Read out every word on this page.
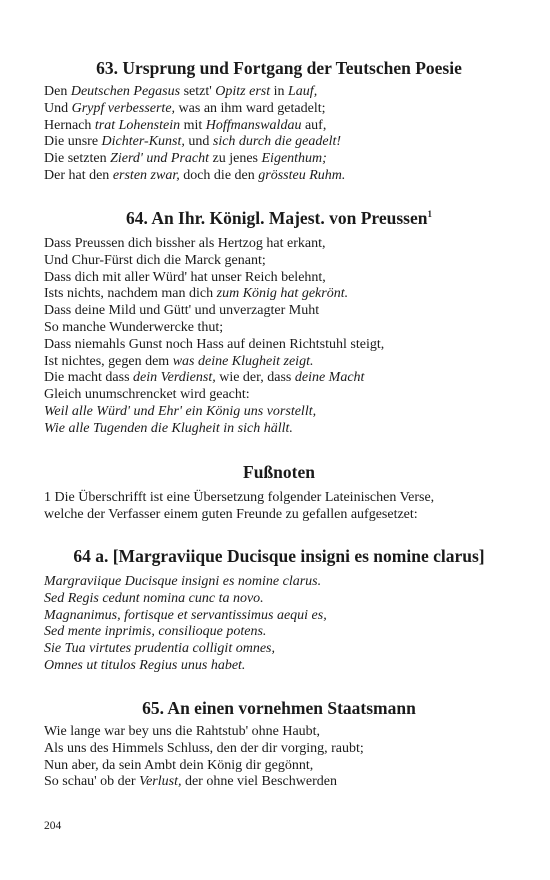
63. Ursprung und Fortgang der Teutschen Poesie
Den Deutschen Pegasus setzt' Opitz erst in Lauf,
Und Grypf verbesserte, was an ihm ward getadelt;
Hernach trat Lohenstein mit Hoffmanswaldau auf,
Die unsre Dichter-Kunst, und sich durch die geadelt!
Die setzten Zierd' und Pracht zu jenes Eigenthum;
Der hat den ersten zwar, doch die den grössteu Ruhm.
64. An Ihr. Königl. Majest. von Preussen$^1$
Dass Preussen dich bissher als Hertzog hat erkant,
Und Chur-Fürst dich die Marck genant;
Dass dich mit aller Würd' hat unser Reich belehnt,
Ists nichts, nachdem man dich zum König hat gekrönt.
Dass deine Mild und Gütt' und unverzagter Muht
So manche Wunderwercke thut;
Dass niemahls Gunst noch Hass auf deinen Richtstuhl steigt,
Ist nichtes, gegen dem was deine Klugheit zeigt.
Die macht dass dein Verdienst, wie der, dass deine Macht
Gleich unumschrencket wird geacht:
Weil alle Würd' und Ehr' ein König uns vorstellt,
Wie alle Tugenden die Klugheit in sich hällt.
Fußnoten
1 Die Überschrifft ist eine Übersetzung folgender Lateinischen Verse,
welche der Verfasser einem guten Freunde zu gefallen aufgesetzet:
64 a. [Margraviique Ducisque insigni es nomine clarus]
Margraviique Ducisque insigni es nomine clarus.
Sed Regis cedunt nomina cunc ta novo.
Magnanimus, fortisque et servantissimus aequi es,
Sed mente inprimis, consilioque potens.
Sie Tua virtutes prudentia colligit omnes,
Omnes ut titulos Regius unus habet.
65. An einen vornehmen Staatsmann
Wie lange war bey uns die Rahtstub' ohne Haubt,
Als uns des Himmels Schluss, den der dir vorging, raubt;
Nun aber, da sein Ambt dein König dir gegönnt,
So schau' ob der Verlust, der ohne viel Beschwerden
204
